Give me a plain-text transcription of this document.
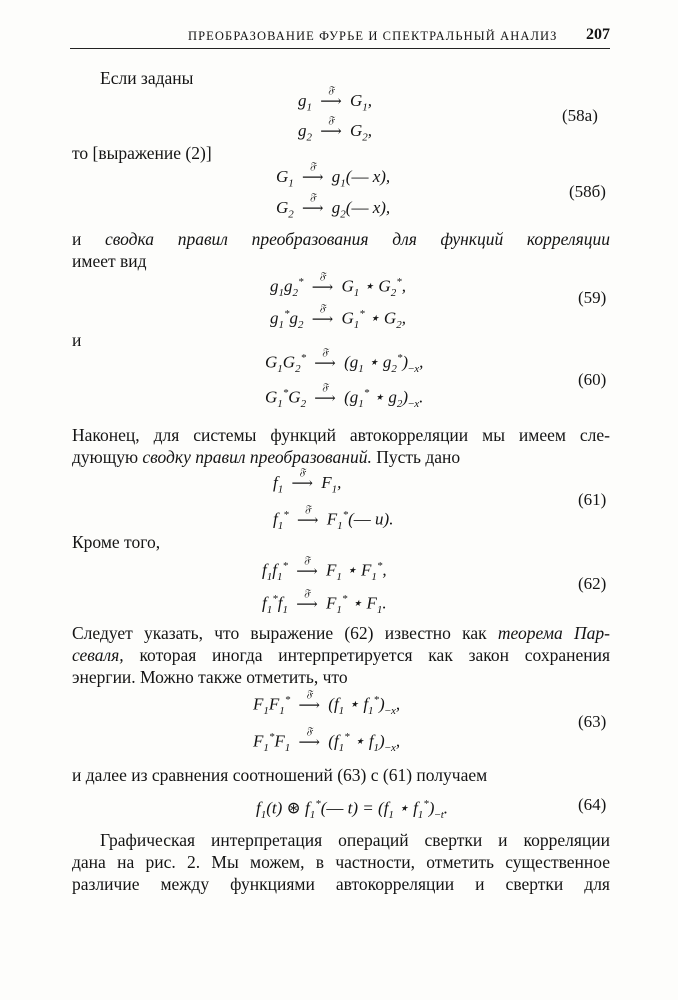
ПРЕОБРАЗОВАНИЕ ФУРЬЕ И СПЕКТРАЛЬНЫЙ АНАЛИЗ 207
Если заданы
$g_1$
𝔉
⟶ $G_1$,
$g_2$
𝔉
⟶ $G_2$,
(58a)
то [выражение (2)]
$G_1$
𝔉
⟶ $g_1(—$ x),
$G_2$
𝔉
⟶ $g_2(—$ x),
(58б)
и сводка правил преобразования для функций корреляции
имеет вид
$g_1g_2^*$	𝔉
⟶ $G_1$ ⋆ $G_2^*$,
$g_1^*g_2$
𝔉
⟶ $G_1^*$ ⋆ $G_2$,
(59)
и
$G_1G_2^*$	𝔉
⟶ ($g_1$ ⋆ $g_2^*)_{-x}$,
$G_1^*G_2$
𝔉
⟶ ($g_1^*$ ⋆ $g_2)_{-x}$.
(60)
Наконец, для системы функций автокорреляции мы имеем сле-
дующую сводку правил преобразований. Пусть дано
$f_1$
𝔉
⟶ $F_1$,
$f_1^*$	𝔉
⟶ $F_1^*(—$ u).
(61)
Кроме того,
$f_1f_1^*$	𝔉
⟶ $F_1$ ⋆ $F_1^*$,
$f_1^*f_1$
𝔉
⟶ $F_1^*$ ⋆ $F_1$.
(62)
Следует указать, что выражение (62) известно как теорема Пар-
севаля, которая иногда интерпретируется как закон сохранения
энергии. Можно также отметить, что
$F_1F_1^*$	𝔉
⟶ ($f_1$ ⋆ $f_1^*)_{-x}$,
$F_1^*F_1$
𝔉
⟶ ($f_1^*$ ⋆ $f_1)_{-x}$,
(63)
и далее из сравнения соотношений (63) с (61) получаем
$f_1(t)$ ⊛ $f_1^*(—$ $t) = (f_1$ ⋆ $f_1^*)_{-t}$.	(64)
Графическая интерпретация операций свертки и корреляции
дана на рис. 2. Мы можем, в частности, отметить существенное
различие между функциями автокорреляции и свертки для
